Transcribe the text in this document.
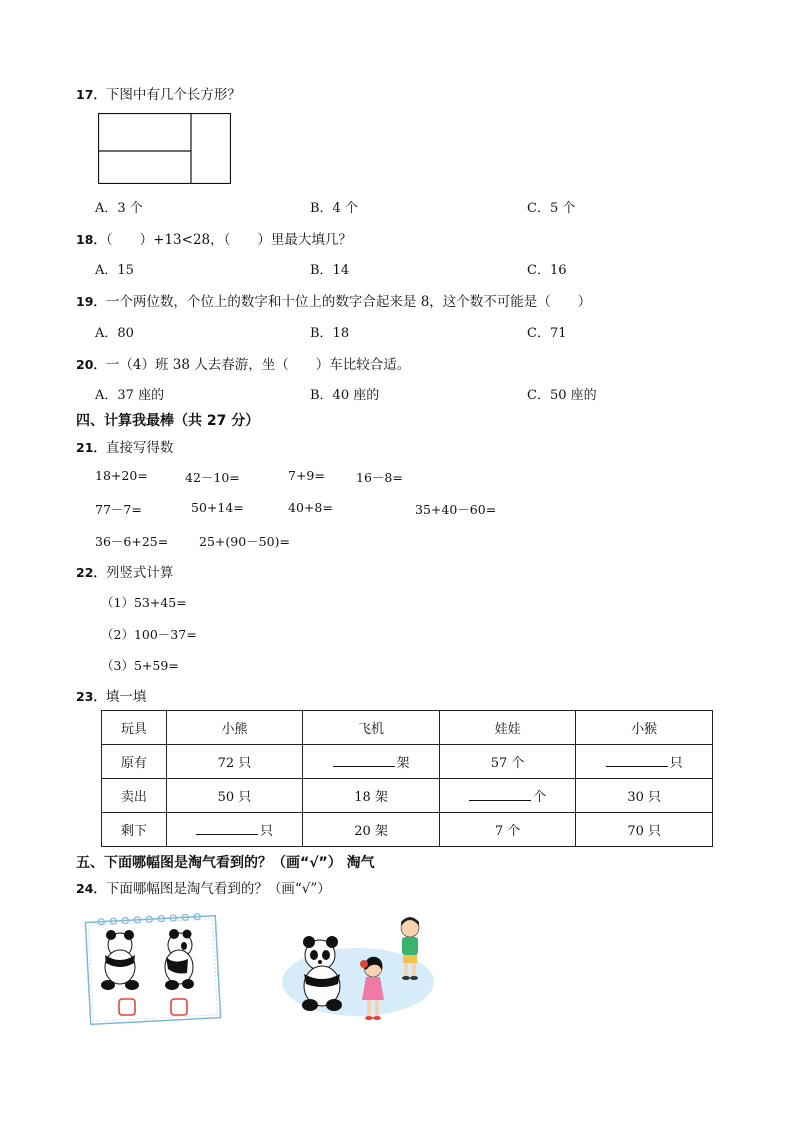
17．下图中有几个长方形？
A．3 个	B．4 个	C．5 个
18．（　　）+13<28，（　　）里最大填几？
A．15	B．14	C．16
19．一个两位数，个位上的数字和十位上的数字合起来是 8，这个数不可能是（　　）
A．80	B．18	C．71
20．一（4）班 38 人去春游，坐（　　）车比较合适。
A．37 座的	B．40 座的	C．50 座的
四、计算我最棒（共 27 分）
21．直接写得数
18+20=	42－10=	7+9= 16－8=
77－7=	50+14=	40+8=	35+40－60=
36－6+25= 25+(90－50)=
22．列竖式计算
（1）53+45=
（2）100－37=
（3）5+59=
23．填一填
玩具	小熊	飞机	娃娃	小猴
原有	72 只	架	57 个	只
卖出	50 只	18 架	个	30 只
剩下	只	20 架	7 个	70 只
五、下面哪幅图是淘气看到的？（画“√”） 淘气
24．下面哪幅图是淘气看到的？（画“√”）
